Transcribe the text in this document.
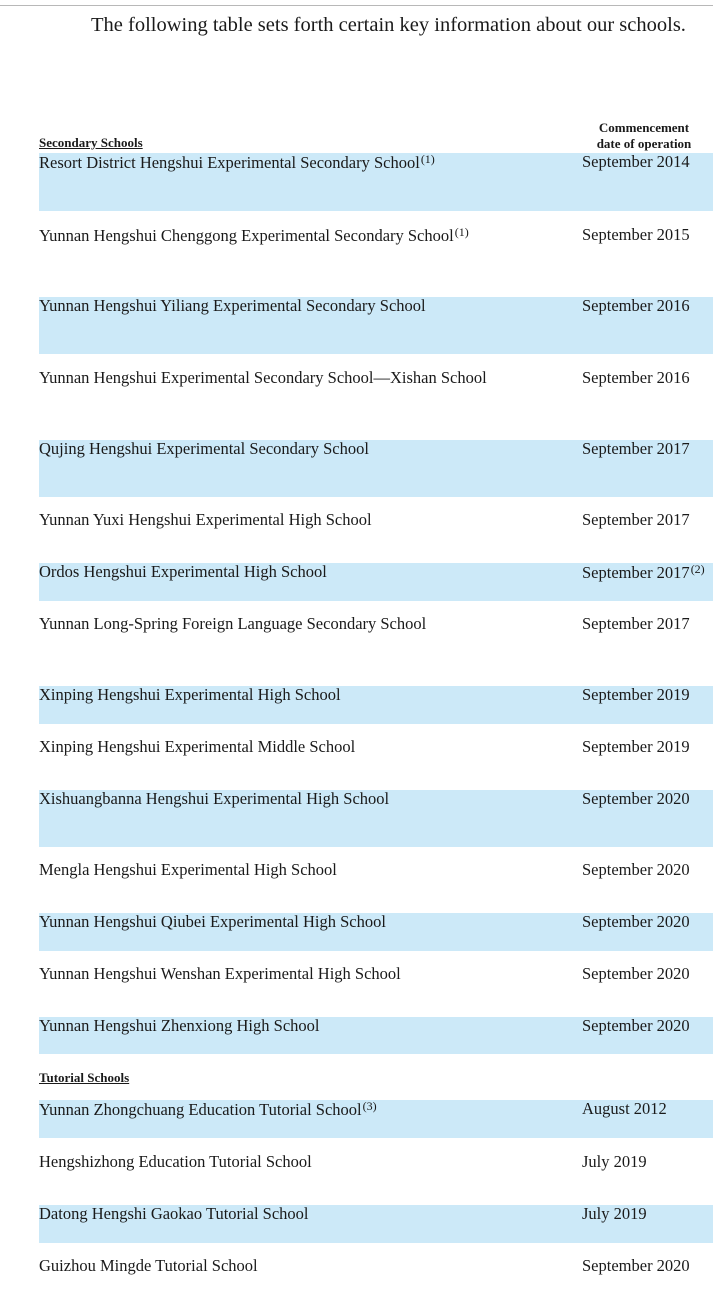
The following table sets forth certain key information about our schools.
Commencement
date of operation
Secondary Schools
Tutorial Schools
Resort District Hengshui Experimental Secondary School$^{(1)}$	September 2014
Yunnan Hengshui Chenggong Experimental Secondary School$^{(1)}$	September 2015
Yunnan Hengshui Yiliang Experimental Secondary School	September 2016
Yunnan Hengshui Experimental Secondary School—Xishan School	September 2016
Qujing Hengshui Experimental Secondary School	September 2017
Yunnan Yuxi Hengshui Experimental High School	September 2017
Ordos Hengshui Experimental High School	September 2017$^{(2)}$
Yunnan Long-Spring Foreign Language Secondary School	September 2017
Xinping Hengshui Experimental High School	September 2019
Xinping Hengshui Experimental Middle School	September 2019
Xishuangbanna Hengshui Experimental High School	September 2020
Mengla Hengshui Experimental High School	September 2020
Yunnan Hengshui Qiubei Experimental High School	September 2020
Yunnan Hengshui Wenshan Experimental High School	September 2020
Yunnan Hengshui Zhenxiong High School	September 2020
Yunnan Zhongchuang Education Tutorial School$^{(3)}$	August 2012
Hengshizhong Education Tutorial School	July 2019
Datong Hengshi Gaokao Tutorial School	July 2019
Guizhou Mingde Tutorial School	September 2020
